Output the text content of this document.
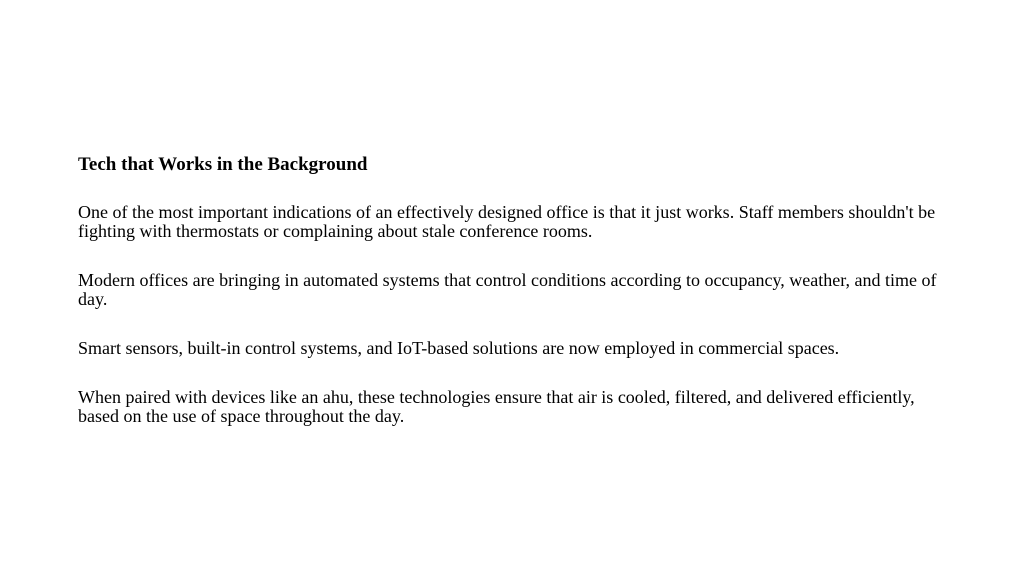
Tech that Works in the Background

One of the most important indications of an effectively designed office is that it just works. Staff members shouldn't be fighting with thermostats or complaining about stale conference rooms.

Modern offices are bringing in automated systems that control conditions according to occupancy, weather, and time of day.

Smart sensors, built-in control systems, and IoT-based solutions are now employed in commercial spaces.

When paired with devices like an ahu, these technologies ensure that air is cooled, filtered, and delivered efficiently, based on the use of space throughout the day.
